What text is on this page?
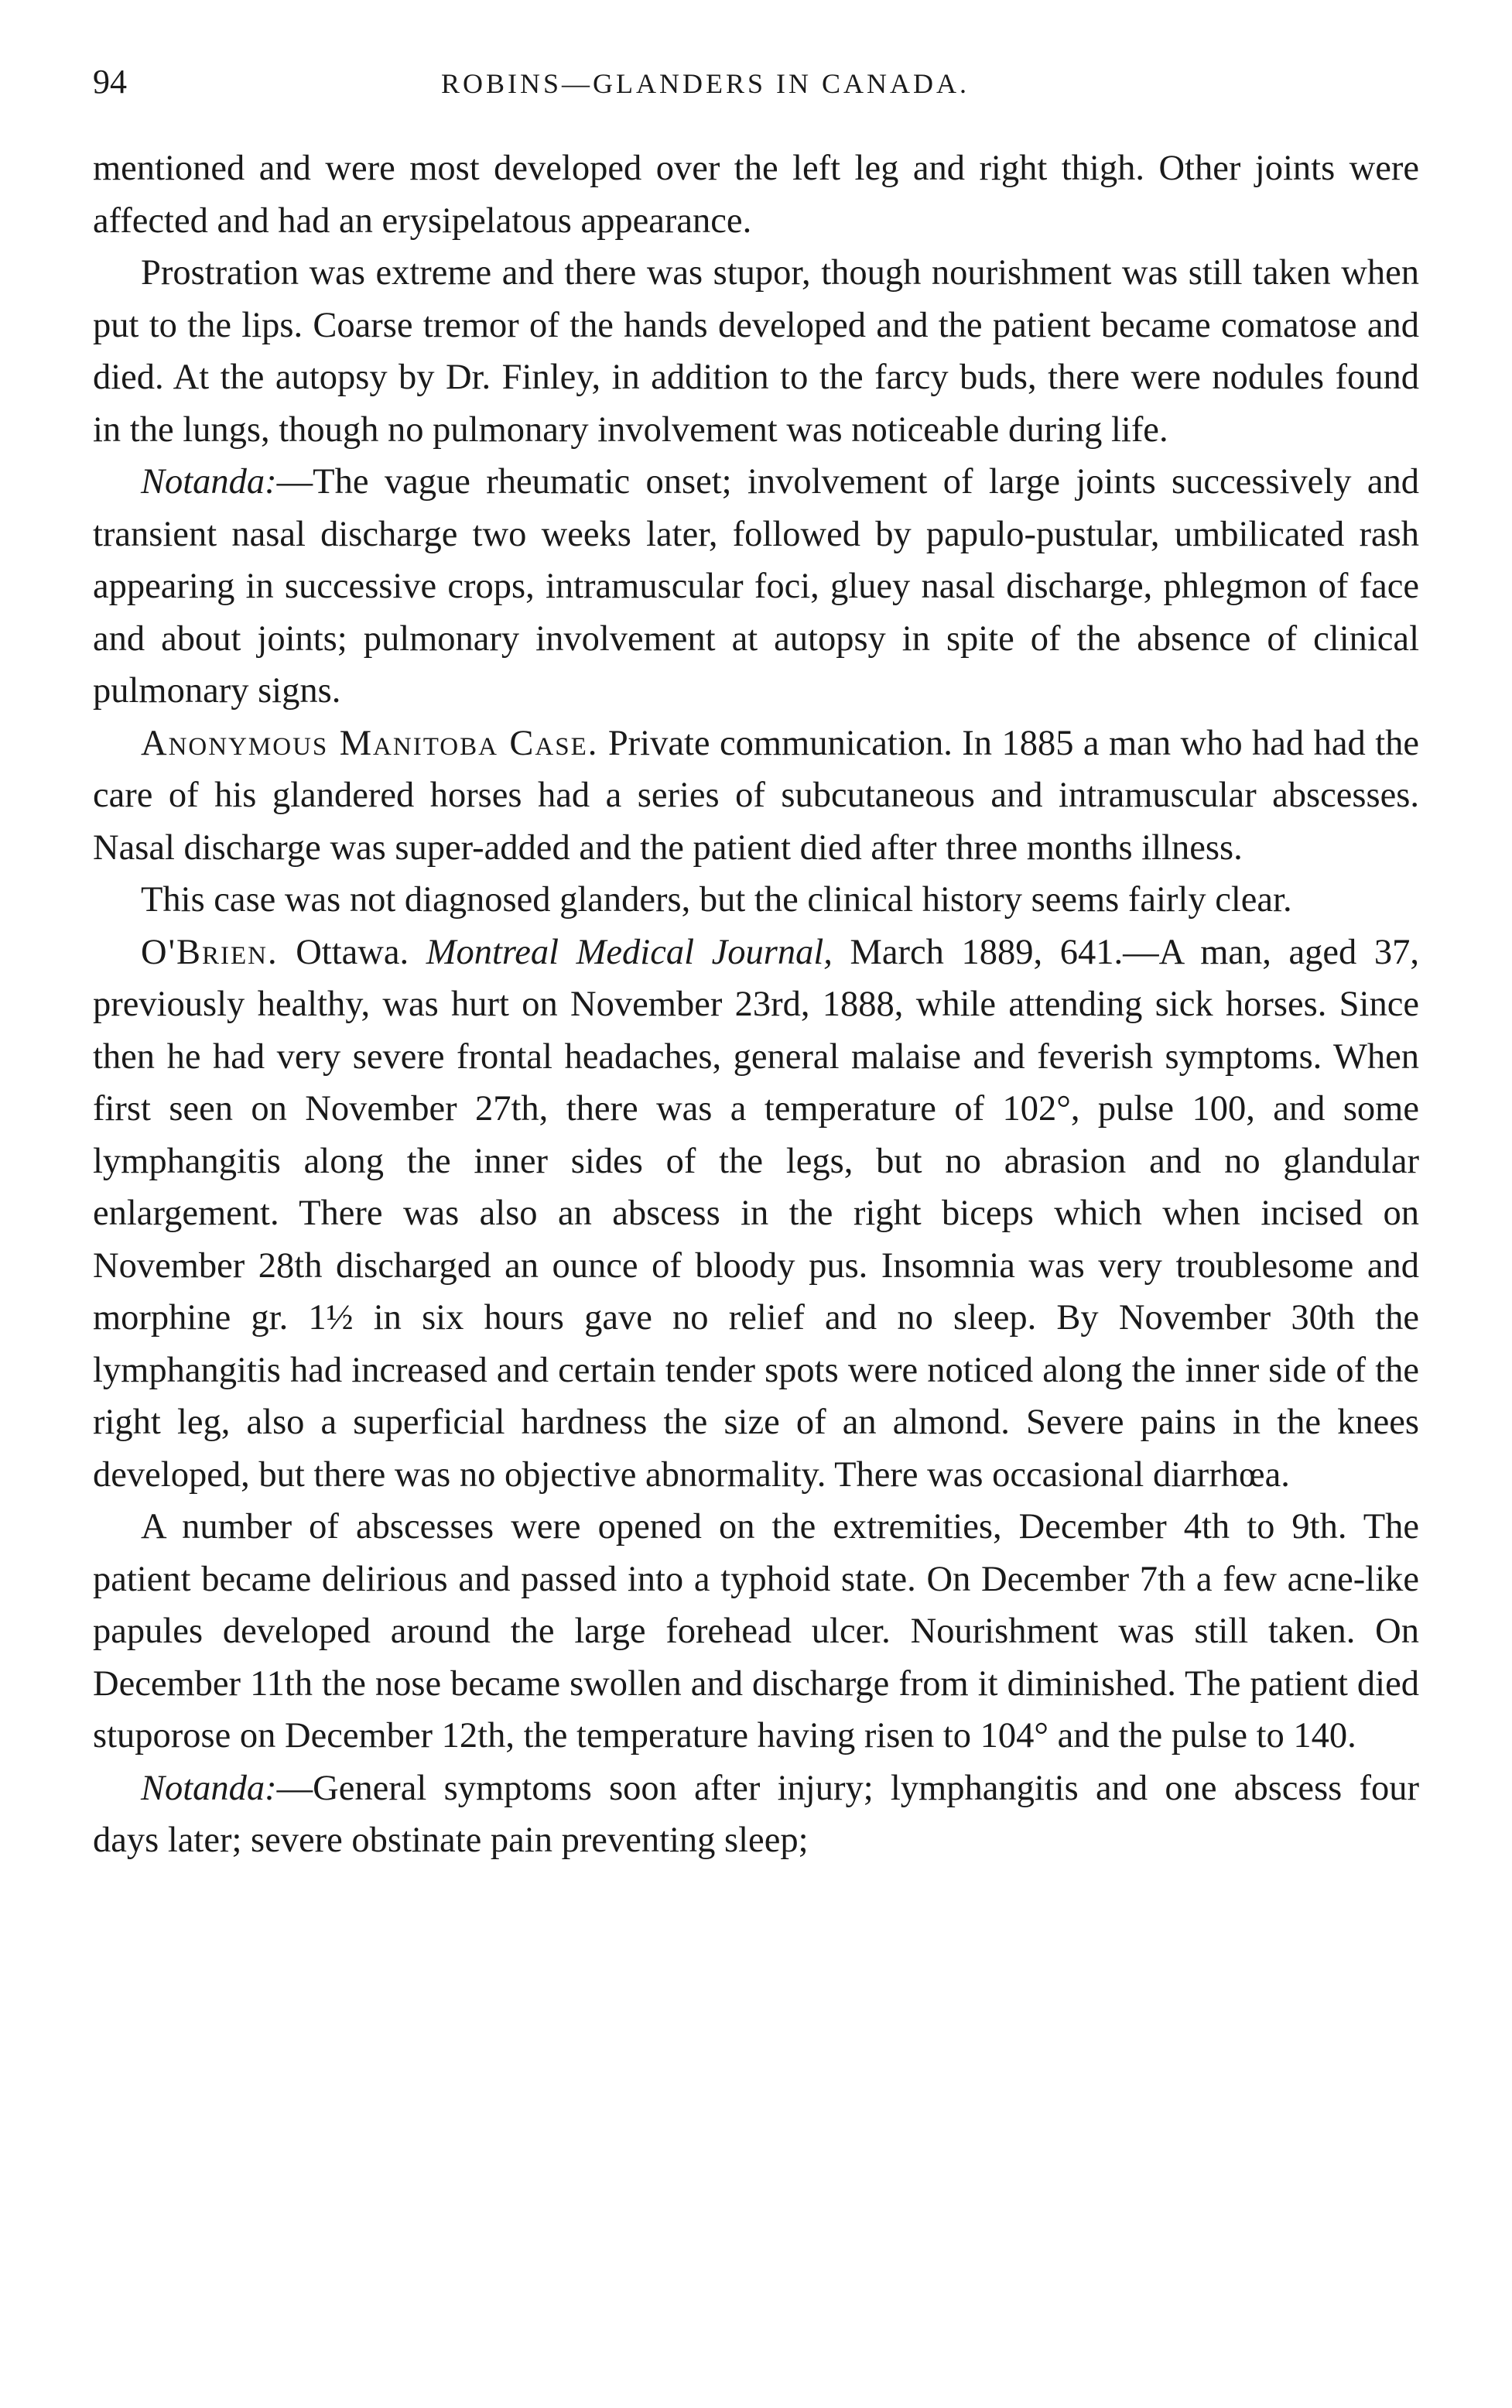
94	ROBINS—GLANDERS IN CANADA.

mentioned and were most developed over the left leg and right thigh. Other joints were affected and had an erysipelatous appearance.

Prostration was extreme and there was stupor, though nourishment was still taken when put to the lips. Coarse tremor of the hands developed and the patient became comatose and died. At the autopsy by Dr. Finley, in addition to the farcy buds, there were nodules found in the lungs, though no pulmonary involvement was noticeable during life.

Notanda:—The vague rheumatic onset; involvement of large joints successively and transient nasal discharge two weeks later, followed by papulo-pustular, umbilicated rash appearing in successive crops, intramuscular foci, gluey nasal discharge, phlegmon of face and about joints; pulmonary involvement at autopsy in spite of the absence of clinical pulmonary signs.

Anonymous Manitoba Case. Private communication. In 1885 a man who had had the care of his glandered horses had a series of subcutaneous and intramuscular abscesses. Nasal discharge was super-added and the patient died after three months illness.

This case was not diagnosed glanders, but the clinical history seems fairly clear.

O'Brien. Ottawa. Montreal Medical Journal, March 1889, 641.—A man, aged 37, previously healthy, was hurt on November 23rd, 1888, while attending sick horses. Since then he had very severe frontal headaches, general malaise and feverish symptoms. When first seen on November 27th, there was a temperature of 102°, pulse 100, and some lymphangitis along the inner sides of the legs, but no abrasion and no glandular enlargement. There was also an abscess in the right biceps which when incised on November 28th discharged an ounce of bloody pus. Insomnia was very troublesome and morphine gr. 1½ in six hours gave no relief and no sleep. By November 30th the lymphangitis had increased and certain tender spots were noticed along the inner side of the right leg, also a superficial hardness the size of an almond. Severe pains in the knees developed, but there was no objective abnormality. There was occasional diarrhœa.

A number of abscesses were opened on the extremities, December 4th to 9th. The patient became delirious and passed into a typhoid state. On December 7th a few acne-like papules developed around the large forehead ulcer. Nourishment was still taken. On December 11th the nose became swollen and discharge from it diminished. The patient died stuporose on December 12th, the temperature having risen to 104° and the pulse to 140.

Notanda:—General symptoms soon after injury; lymphangitis and one abscess four days later; severe obstinate pain preventing sleep;
